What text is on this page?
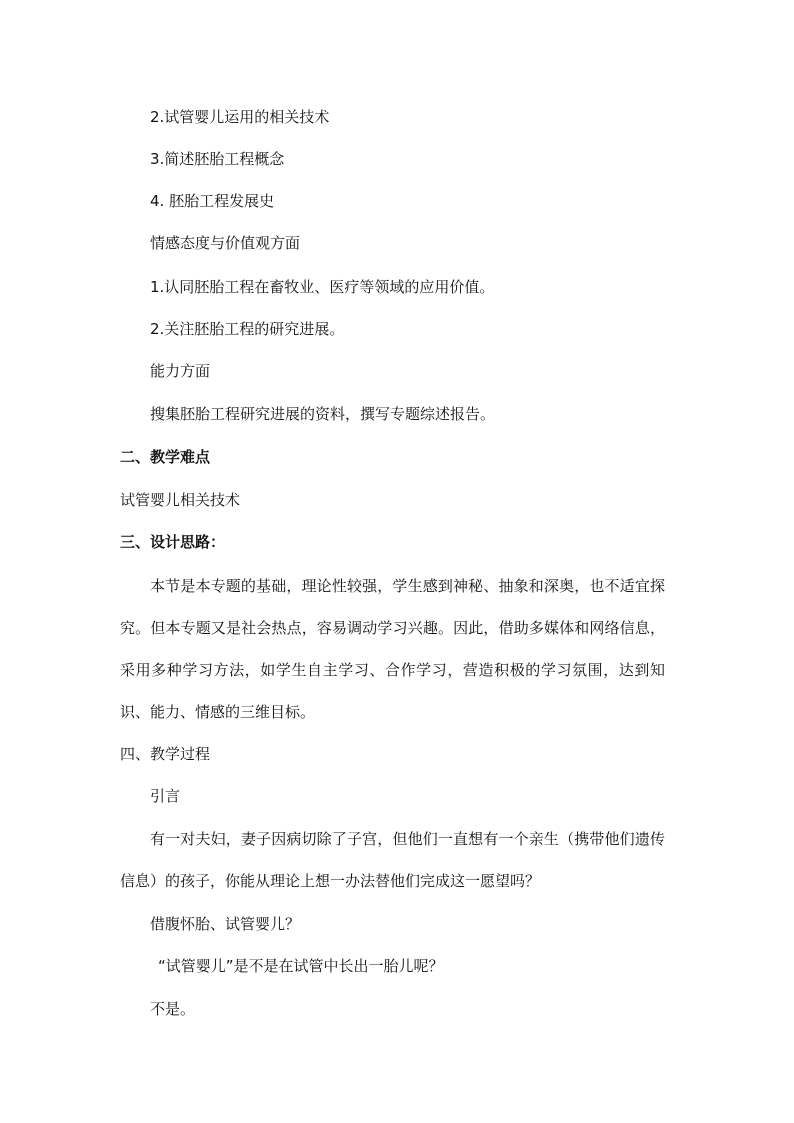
2.试管婴儿运用的相关技术
3.简述胚胎工程概念
4. 胚胎工程发展史
情感态度与价值观方面
1.认同胚胎工程在畜牧业、医疗等领域的应用价值。
2.关注胚胎工程的研究进展。
能力方面
搜集胚胎工程研究进展的资料，撰写专题综述报告。
二、教学难点
试管婴儿相关技术
三、设计思路：
本节是本专题的基础，理论性较强，学生感到神秘、抽象和深奥，也不适宜探究。但本专题又是社会热点，容易调动学习兴趣。因此，借助多媒体和网络信息，采用多种学习方法，如学生自主学习、合作学习，营造积极的学习氛围，达到知识、能力、情感的三维目标。
四、教学过程
引言
有一对夫妇，妻子因病切除了子宫，但他们一直想有一个亲生（携带他们遗传信息）的孩子，你能从理论上想一办法替他们完成这一愿望吗？
借腹怀胎、试管婴儿？
“试管婴儿”是不是在试管中长出一胎儿呢？
不是。
